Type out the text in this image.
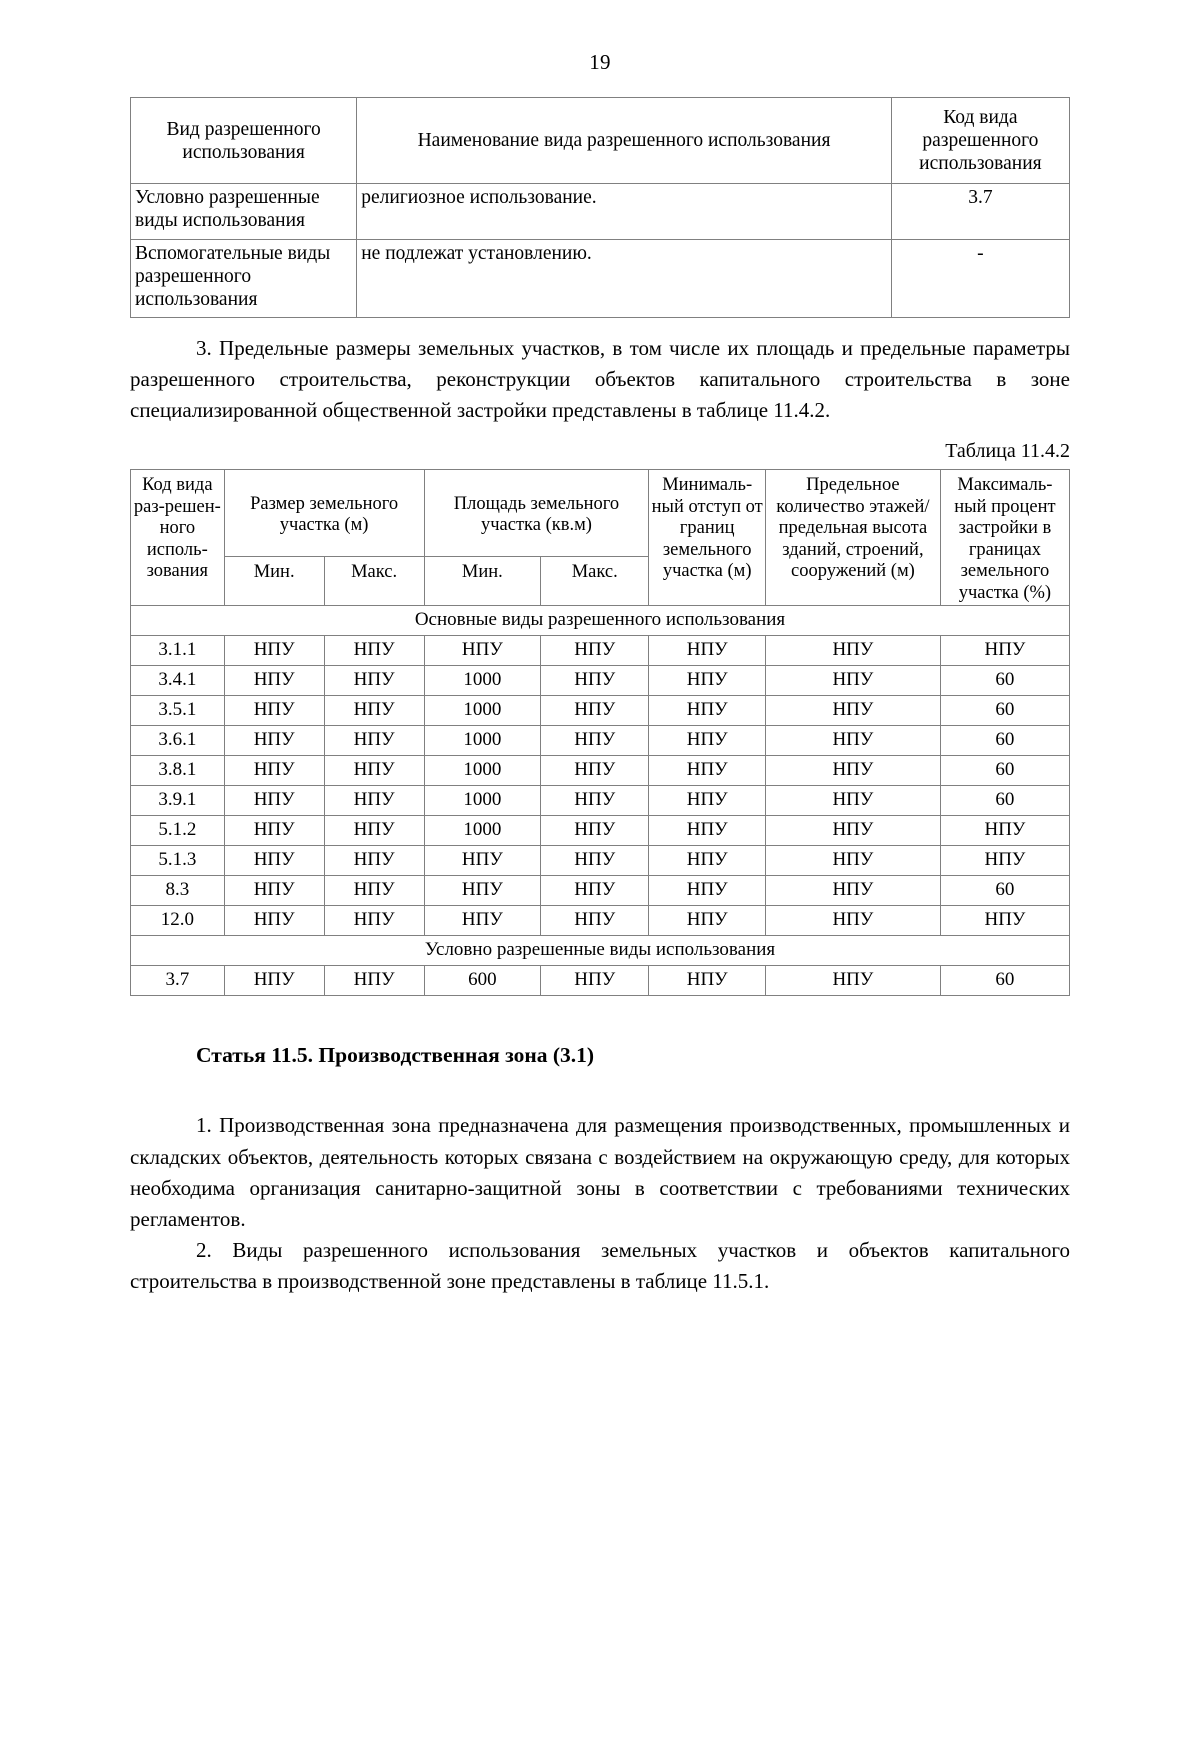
19
Вид разрешенного использования	Наименование вида разрешенного использования	Код вида разрешенного использования
Условно разрешенные виды использования	религиозное использование.	3.7
Вспомогательные виды разрешенного использования	не подлежат установлению.	-

3. Предельные размеры земельных участков, в том числе их площадь и предельные параметры разрешенного строительства, реконструкции объектов капитального строительства в зоне специализированной общественной застройки представлены в таблице 11.4.2.

Таблица 11.4.2
Код вида раз-решен-ного исполь-зования	Размер земельного участка (м)		Площадь земельного участка (кв.м)		Минималь-ный отступ от границ земельного участка (м)	Предельное количество этажей/ предельная высота зданий, строений, сооружений (м)	Максималь-ный процент застройки в границах земельного участка (%)
	Мин.	Макс.	Мин.	Макс.			
Основные виды разрешенного использования							
3.1.1	НПУ	НПУ	НПУ	НПУ	НПУ	НПУ	НПУ
3.4.1	НПУ	НПУ	1000	НПУ	НПУ	НПУ	60
3.5.1	НПУ	НПУ	1000	НПУ	НПУ	НПУ	60
3.6.1	НПУ	НПУ	1000	НПУ	НПУ	НПУ	60
3.8.1	НПУ	НПУ	1000	НПУ	НПУ	НПУ	60
3.9.1	НПУ	НПУ	1000	НПУ	НПУ	НПУ	60
5.1.2	НПУ	НПУ	1000	НПУ	НПУ	НПУ	НПУ
5.1.3	НПУ	НПУ	НПУ	НПУ	НПУ	НПУ	НПУ
8.3	НПУ	НПУ	НПУ	НПУ	НПУ	НПУ	60
12.0	НПУ	НПУ	НПУ	НПУ	НПУ	НПУ	НПУ
Условно разрешенные виды использования							
3.7	НПУ	НПУ	600	НПУ	НПУ	НПУ	60
Статья 11.5. Производственная зона (3.1)

1. Производственная зона предназначена для размещения производственных, промышленных и складских объектов, деятельность которых связана с воздействием на окружающую среду, для которых необходима организация санитарно-защитной зоны в соответствии с требованиями технических регламентов.

2. Виды разрешенного использования земельных участков и объектов капитального строительства в производственной зоне представлены в таблице 11.5.1.
